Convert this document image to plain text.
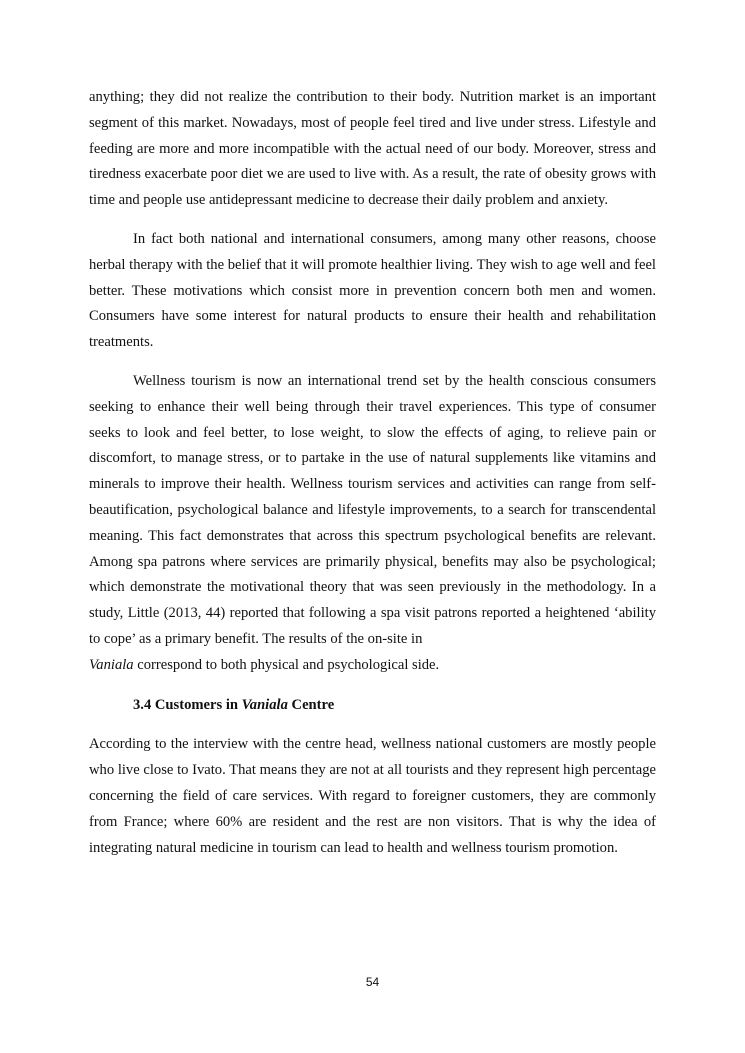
anything; they did not realize the contribution to their body. Nutrition market is an important segment of this market. Nowadays, most of people feel tired and live under stress. Lifestyle and feeding are more and more incompatible with the actual need of our body. Moreover, stress and tiredness exacerbate poor diet we are used to live with. As a result, the rate of obesity grows with time and people use antidepressant medicine to decrease their daily problem and anxiety.

In fact both national and international consumers, among many other reasons, choose herbal therapy with the belief that it will promote healthier living. They wish to age well and feel better. These motivations which consist more in prevention concern both men and women. Consumers have some interest for natural products to ensure their health and rehabilitation treatments.

Wellness tourism is now an international trend set by the health conscious consumers seeking to enhance their well being through their travel experiences. This type of consumer seeks to look and feel better, to lose weight, to slow the effects of aging, to relieve pain or discomfort, to manage stress, or to partake in the use of natural supplements like vitamins and minerals to improve their health. Wellness tourism services and activities can range from self-beautification, psychological balance and lifestyle improvements, to a search for transcendental meaning. This fact demonstrates that across this spectrum psychological benefits are relevant. Among spa patrons where services are primarily physical, benefits may also be psychological; which demonstrate the motivational theory that was seen previously in the methodology. In a study, Little (2013, 44) reported that following a spa visit patrons reported a heightened ‘ability to cope’ as a primary benefit. The results of the on-site in
Vaniala correspond to both physical and psychological side.

3.4 Customers in Vaniala Centre

According to the interview with the centre head, wellness national customers are mostly people who live close to Ivato. That means they are not at all tourists and they represent high percentage concerning the field of care services. With regard to foreigner customers, they are commonly from France; where 60% are resident and the rest are non visitors. That is why the idea of integrating natural medicine in tourism can lead to health and wellness tourism promotion.

54
